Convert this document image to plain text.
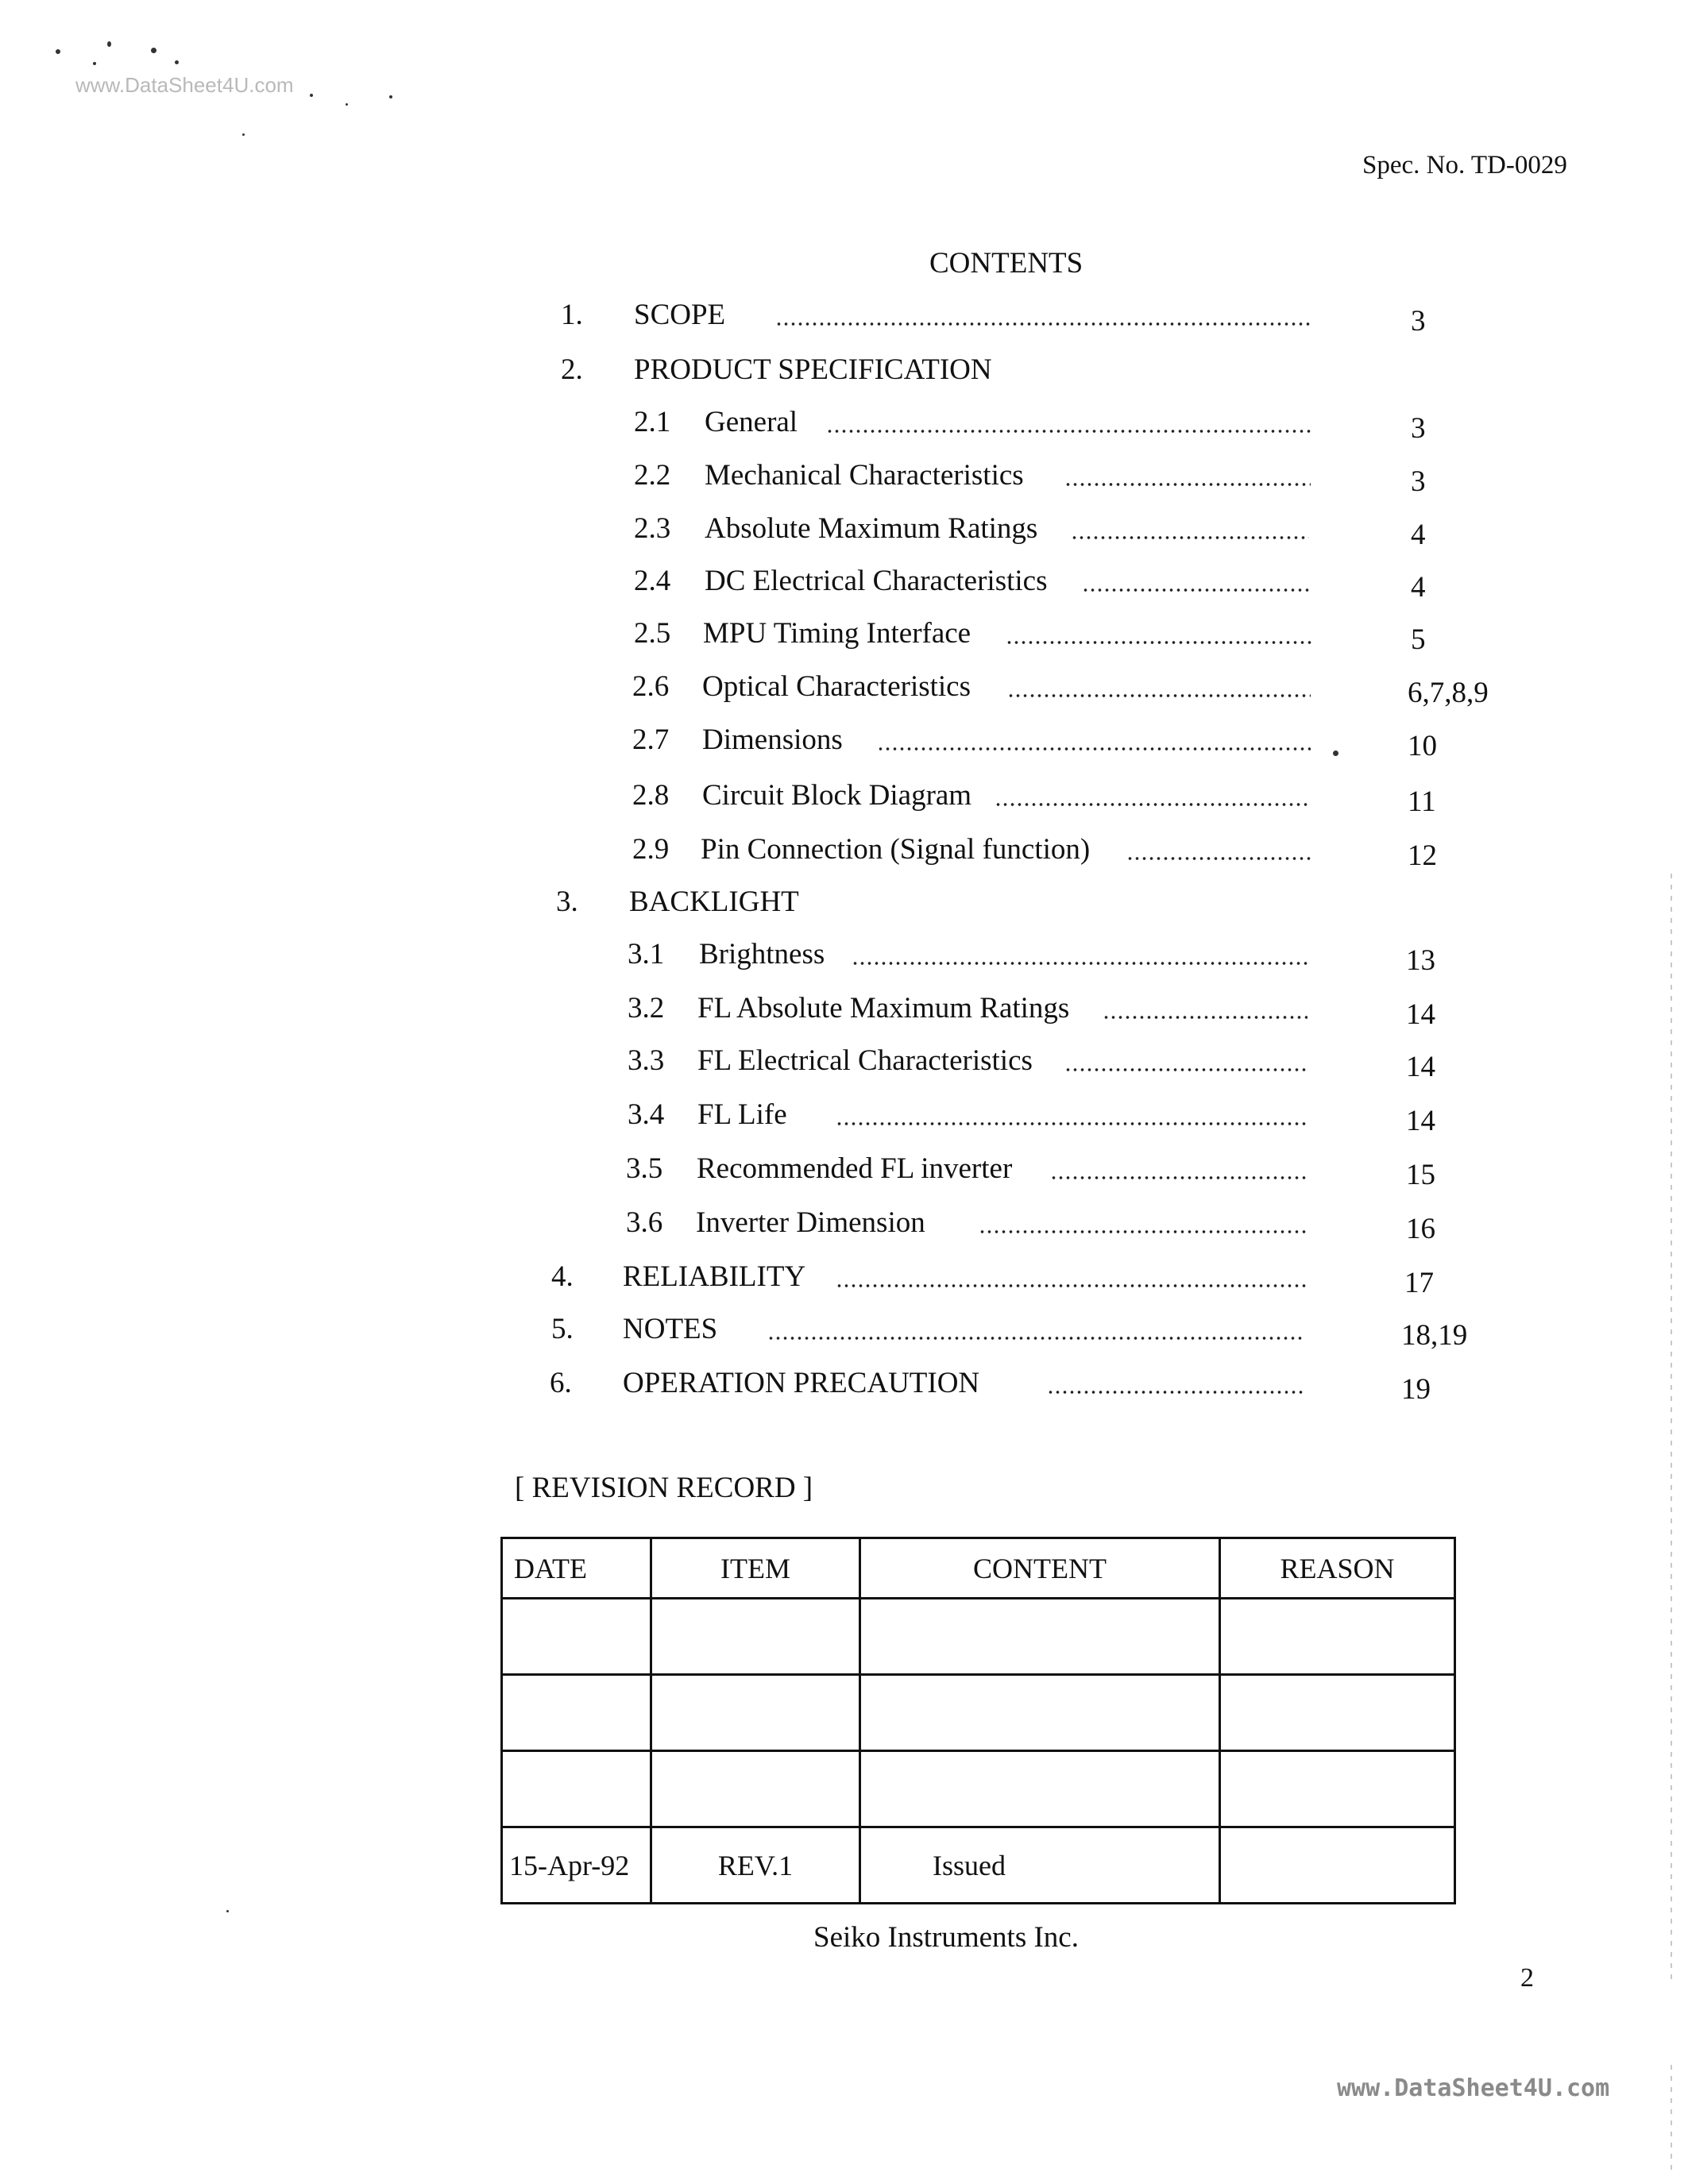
www.DataSheet4U.com
Spec. No. TD-0029
CONTENTS
1. SCOPE	3
2. PRODUCT SPECIFICATION
2.1 General	3
2.2 Mechanical Characteristics	3
2.3 Absolute Maximum Ratings	4
2.4 DC Electrical Characteristics	4
2.5 MPU Timing Interface	5
2.6 Optical Characteristics	6,7,8,9
2.7 Dimensions	10
2.8 Circuit Block Diagram	11
2.9 Pin Connection (Signal function)	12
3. BACKLIGHT
3.1 Brightness	13
3.2 FL Absolute Maximum Ratings	14
3.3 FL Electrical Characteristics	14
3.4 FL Life	14
3.5 Recommended FL inverter	15
3.6 Inverter Dimension	16
4. RELIABILITY	17
5. NOTES	18,19
6. OPERATION PRECAUTION	19
[ REVISION RECORD ]
DATE	ITEM	CONTENT	REASON

15-Apr-92	REV.1	Issued	
Seiko Instruments Inc.
2
www.DataSheet4U.com
